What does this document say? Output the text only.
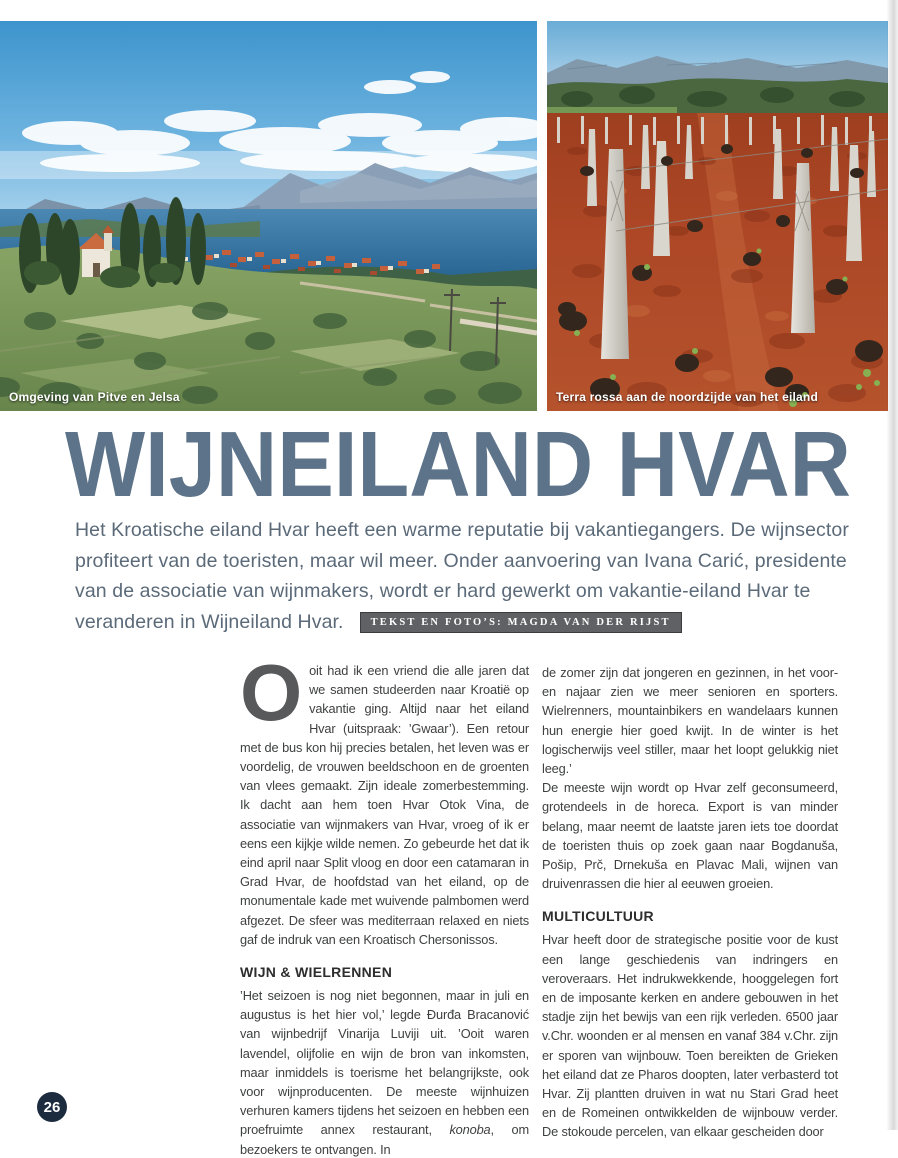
Omgeving van Pitve en Jelsa	Terra rossa aan de noordzijde van het eiland
WIJNEILAND HVAR

Het Kroatische eiland Hvar heeft een warme reputatie bij vakantiegangers. De wijnsector profiteert van de toeristen, maar wil meer. Onder aanvoering van Ivana Carić, presidente van de associatie van wijnmakers, wordt er hard gewerkt om vakantie-eiland Hvar te veranderen in Wijneiland Hvar.	TEKST EN FOTO’S: MAGDA VAN DER RIJST

Ooit had ik een vriend die alle jaren dat we samen studeerden naar Kroatië op vakantie ging. Altijd naar het eiland Hvar (uitspraak: ’Gwaar’). Een retour met de bus kon hij precies betalen, het leven was er voordelig, de vrouwen beeldschoon en de groenten van vlees gemaakt. Zijn ideale zomerbestemming. Ik dacht aan hem toen Hvar Otok Vina, de associatie van wijnmakers van Hvar, vroeg of ik er eens een kijkje wilde nemen. Zo gebeurde het dat ik eind april naar Split vloog en door een catamaran in Grad Hvar, de hoofdstad van het eiland, op de monumentale kade met wuivende palmbomen werd afgezet. De sfeer was mediterraan relaxed en niets gaf de indruk van een Kroatisch Chersonissos.

WIJN & WIELRENNEN

’Het seizoen is nog niet begonnen, maar in juli en augustus is het hier vol,’ legde Đurđa Bracanović van wijnbedrijf Vinarija Luviji uit. ’Ooit waren lavendel, olijfolie en wijn de bron van inkomsten, maar inmiddels is toerisme het belangrijkste, ook voor wijnproducenten. De meeste wijnhuizen verhuren kamers tijdens het seizoen en hebben een proefruimte annex restaurant, konoba, om bezoekers te ontvangen. In

de zomer zijn dat jongeren en gezinnen, in het voor- en najaar zien we meer senioren en sporters. Wielrenners, mountainbikers en wandelaars kunnen hun energie hier goed kwijt. In de winter is het logischerwijs veel stiller, maar het loopt gelukkig niet leeg.’

De meeste wijn wordt op Hvar zelf geconsumeerd, grotendeels in de horeca. Export is van minder belang, maar neemt de laatste jaren iets toe doordat de toeristen thuis op zoek gaan naar Bogdanuša, Pošip, Prč, Drnekuša en Plavac Mali, wijnen van druivenrassen die hier al eeuwen groeien.

MULTICULTUUR

Hvar heeft door de strategische positie voor de kust een lange geschiedenis van indringers en veroveraars. Het indrukwekkende, hooggelegen fort en de imposante kerken en andere gebouwen in het stadje zijn het bewijs van een rijk verleden. 6500 jaar v.Chr. woonden er al mensen en vanaf 384 v.Chr. zijn er sporen van wijnbouw. Toen bereikten de Grieken het eiland dat ze Pharos doopten, later verbasterd tot Hvar. Zij plantten druiven in wat nu Stari Grad heet en de Romeinen ontwikkelden de wijnbouw verder. De stokoude percelen, van elkaar gescheiden door

26
